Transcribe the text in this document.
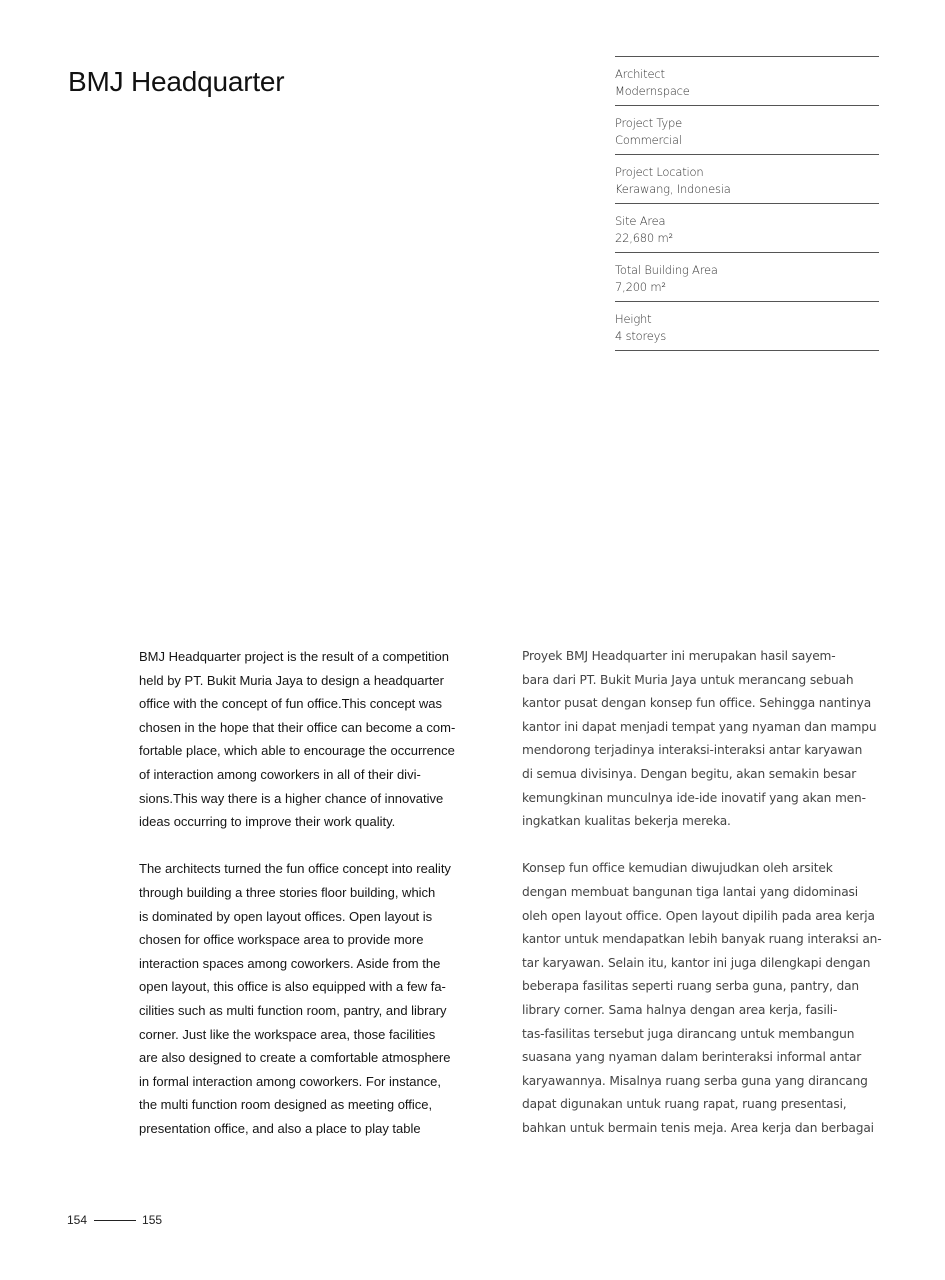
BMJ Headquarter	Architect
Modernspace
Project Type
Commercial
Project Location
Kerawang, Indonesia
Site Area
22,680 m²
Total Building Area
7,200 m²
Height
4 storeys

BMJ Headquarter project is the result of a competition
held by PT. Bukit Muria Jaya to design a headquarter
office with the concept of fun office.This concept was
chosen in the hope that their office can become a com-
fortable place, which able to encourage the occurrence
of interaction among coworkers in all of their divi-
sions.This way there is a higher chance of innovative
ideas occurring to improve their work quality.

The architects turned the fun office concept into reality
through building a three stories floor building, which
is dominated by open layout offices. Open layout is
chosen for office workspace area to provide more
interaction spaces among coworkers. Aside from the
open layout, this office is also equipped with a few fa-
cilities such as multi function room, pantry, and library
corner. Just like the workspace area, those facilities
are also designed to create a comfortable atmosphere
in formal interaction among coworkers. For instance,
the multi function room designed as meeting office,
presentation office, and also a place to play table

Proyek BMJ Headquarter ini merupakan hasil sayem-
bara dari PT. Bukit Muria Jaya untuk merancang sebuah
kantor pusat dengan konsep fun office. Sehingga nantinya
kantor ini dapat menjadi tempat yang nyaman dan mampu
mendorong terjadinya interaksi-interaksi antar karyawan
di semua divisinya. Dengan begitu, akan semakin besar
kemungkinan munculnya ide-ide inovatif yang akan men-
ingkatkan kualitas bekerja mereka.

Konsep fun office kemudian diwujudkan oleh arsitek
dengan membuat bangunan tiga lantai yang didominasi
oleh open layout office. Open layout dipilih pada area kerja
kantor untuk mendapatkan lebih banyak ruang interaksi an-
tar karyawan. Selain itu, kantor ini juga dilengkapi dengan
beberapa fasilitas seperti ruang serba guna, pantry, dan
library corner. Sama halnya dengan area kerja, fasili-
tas-fasilitas tersebut juga dirancang untuk membangun
suasana yang nyaman dalam berinteraksi informal antar
karyawannya. Misalnya ruang serba guna yang dirancang
dapat digunakan untuk ruang rapat, ruang presentasi,
bahkan untuk bermain tenis meja. Area kerja dan berbagai

154	155
